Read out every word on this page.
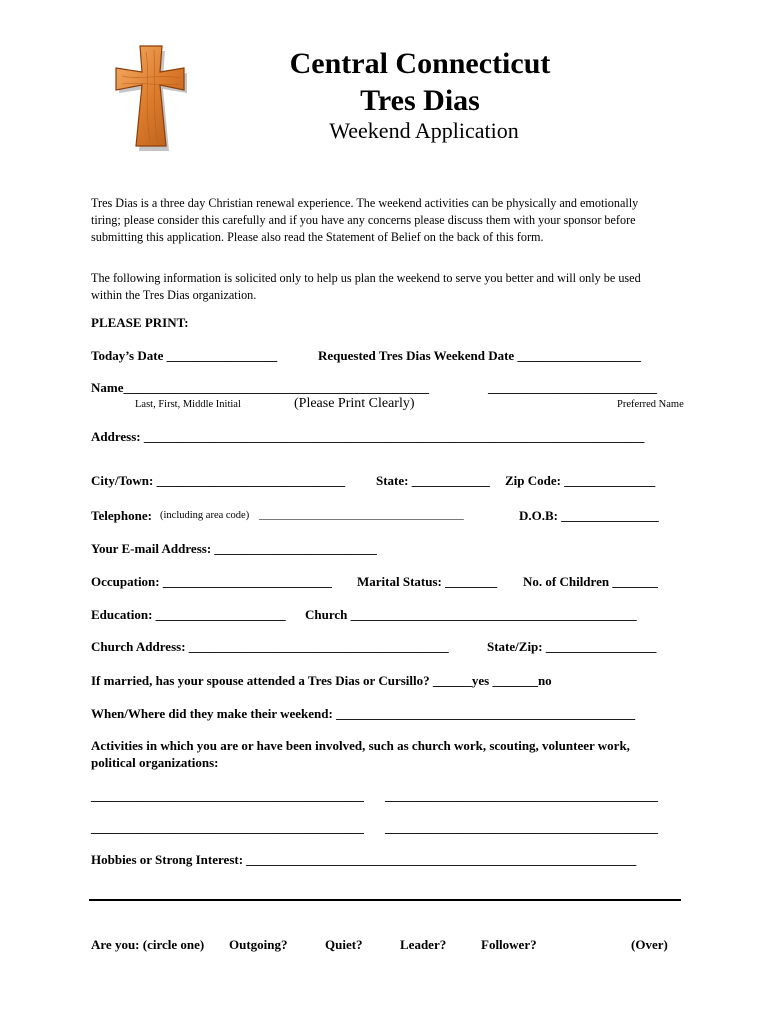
Central Connecticut
Tres Dias
Weekend Application
Tres Dias is a three day Christian renewal experience. The weekend activities can be physically and emotionally
tiring; please consider this carefully and if you have any concerns please discuss them with your sponsor before
submitting this application. Please also read the Statement of Belief on the back of this form.
The following information is solicited only to help us plan the weekend to serve you better and will only be used
within the Tres Dias organization.
PLEASE PRINT:
Today’s Date _________________	Requested Tres Dias Weekend Date ___________________
Name_______________________________________________	__________________________
Last, First, Middle Initial	(Please Print Clearly)	Preferred Name
Address: _____________________________________________________________________________
City/Town: _____________________________ State: ____________ Zip Code: ______________
Telephone: (including area code) _______________________________________	D.O.B: _______________
Your E-mail Address: _________________________
Occupation: __________________________ Marital Status: ________ No. of Children _______
Education: ____________________ Church ____________________________________________
Church Address: ________________________________________	State/Zip: _________________
If married, has your spouse attended a Tres Dias or Cursillo? ______yes _______no
When/Where did they make their weekend: ______________________________________________
Activities in which you are or have been involved, such as church work, scouting, volunteer work,
political organizations:
__________________________________________ __________________________________________
__________________________________________ __________________________________________
Hobbies or Strong Interest: ____________________________________________________________
Are you: (circle one) Outgoing?	Quiet?	Leader?	Follower?	(Over)
